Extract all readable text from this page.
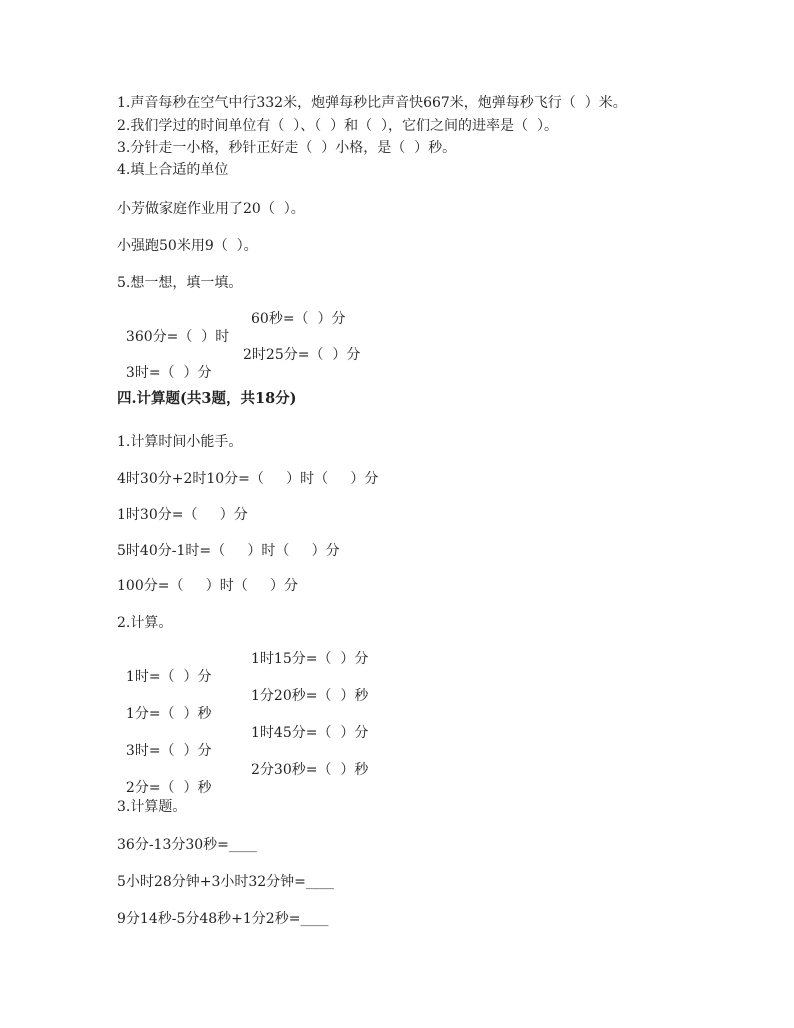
1.声音每秒在空气中行332米，炮弹每秒比声音快667米，炮弹每秒飞行（  ）米。
2.我们学过的时间单位有（  ）、（  ）和（  ），它们之间的进率是（  ）。
3.分针走一小格，秒针正好走（  ）小格，是（  ）秒。
4.填上合适的单位
小芳做家庭作业用了20（  ）。
小强跑50米用9（  ）。
5.想一想，填一填。

360分=（  ）时

60秒=（  ）分

3时=（  ）分

2时25分=（  ）分

四.计算题(共3题，共18分)
1.计算时间小能手。
4时30分+2时10分=（     ）时（     ）分
1时30分=（     ）分
5时40分-1时=（     ）时（     ）分
100分=（     ）时（     ）分
2.计算。

1时=（  ）分

1时15分=（  ）分

1分=（  ）秒

1分20秒=（  ）秒

3时=（  ）分

1时45分=（  ）分

2分=（  ）秒

2分30秒=（  ）秒

3.计算题。
36分-13分30秒=____
5小时28分钟+3小时32分钟=____
9分14秒-5分48秒+1分2秒=____
